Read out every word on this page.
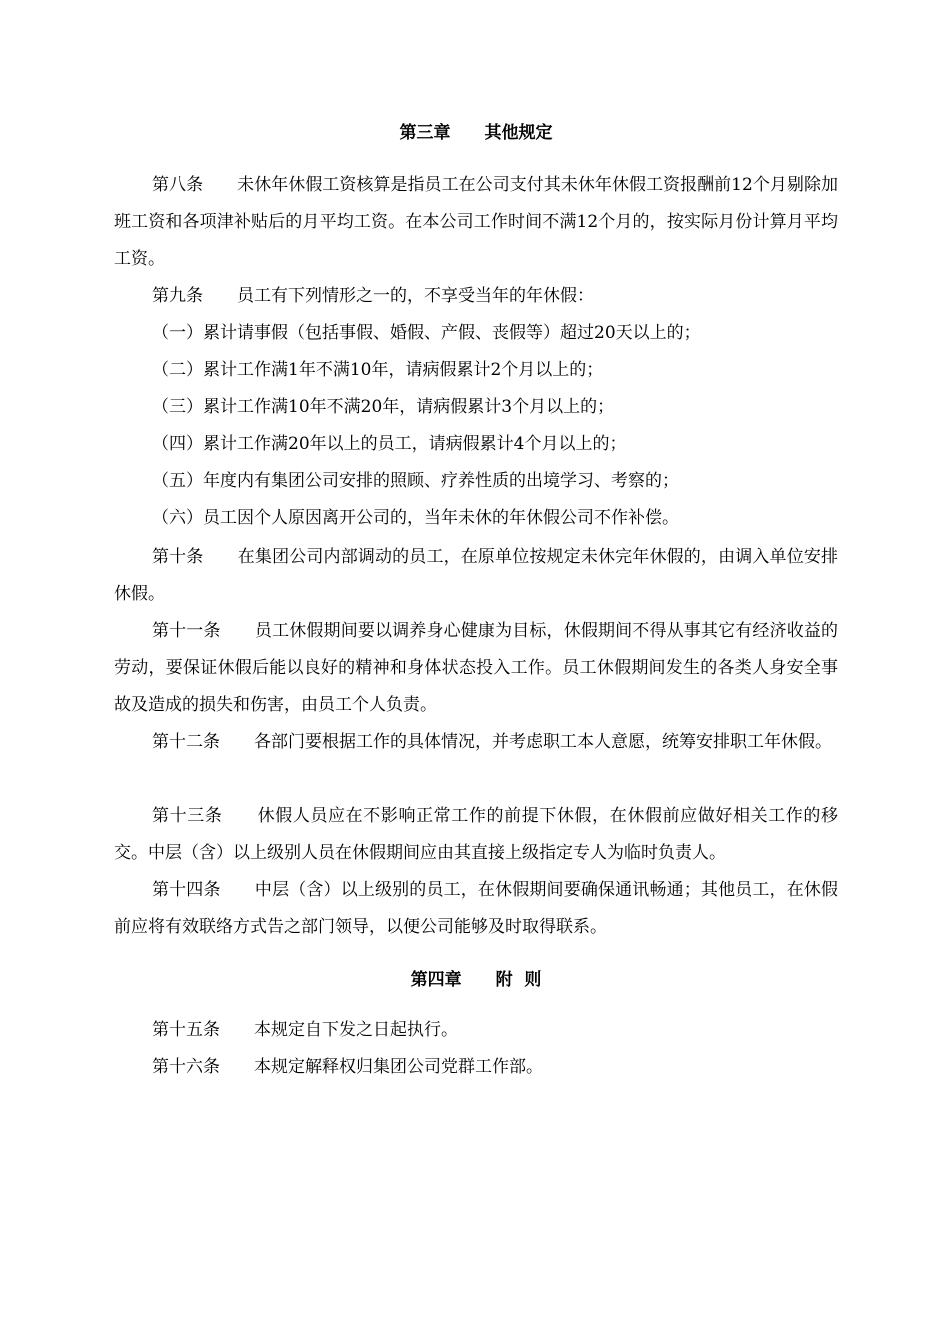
第三章　　其他规定

第八条　　未休年休假工资核算是指员工在公司支付其未休年休假工资报酬前12个月剔除加班工资和各项津补贴后的月平均工资。在本公司工作时间不满12个月的，按实际月份计算月平均工资。

第九条　　员工有下列情形之一的，不享受当年的年休假：

（一）累计请事假（包括事假、婚假、产假、丧假等）超过20天以上的；

（二）累计工作满1年不满10年，请病假累计2个月以上的；

（三）累计工作满10年不满20年，请病假累计3个月以上的；

（四）累计工作满20年以上的员工，请病假累计4个月以上的；

（五）年度内有集团公司安排的照顾、疗养性质的出境学习、考察的；

（六）员工因个人原因离开公司的，当年未休的年休假公司不作补偿。

第十条　　在集团公司内部调动的员工，在原单位按规定未休完年休假的，由调入单位安排休假。

第十一条　　员工休假期间要以调养身心健康为目标，休假期间不得从事其它有经济收益的劳动，要保证休假后能以良好的精神和身体状态投入工作。员工休假期间发生的各类人身安全事故及造成的损失和伤害，由员工个人负责。

第十二条　　各部门要根据工作的具体情况，并考虑职工本人意愿，统筹安排职工年休假。

第十三条　　休假人员应在不影响正常工作的前提下休假，在休假前应做好相关工作的移交。中层（含）以上级别人员在休假期间应由其直接上级指定专人为临时负责人。

第十四条　　中层（含）以上级别的员工，在休假期间要确保通讯畅通；其他员工，在休假前应将有效联络方式告之部门领导，以便公司能够及时取得联系。

第四章　　附  则

第十五条　　本规定自下发之日起执行。

第十六条　　本规定解释权归集团公司党群工作部。
